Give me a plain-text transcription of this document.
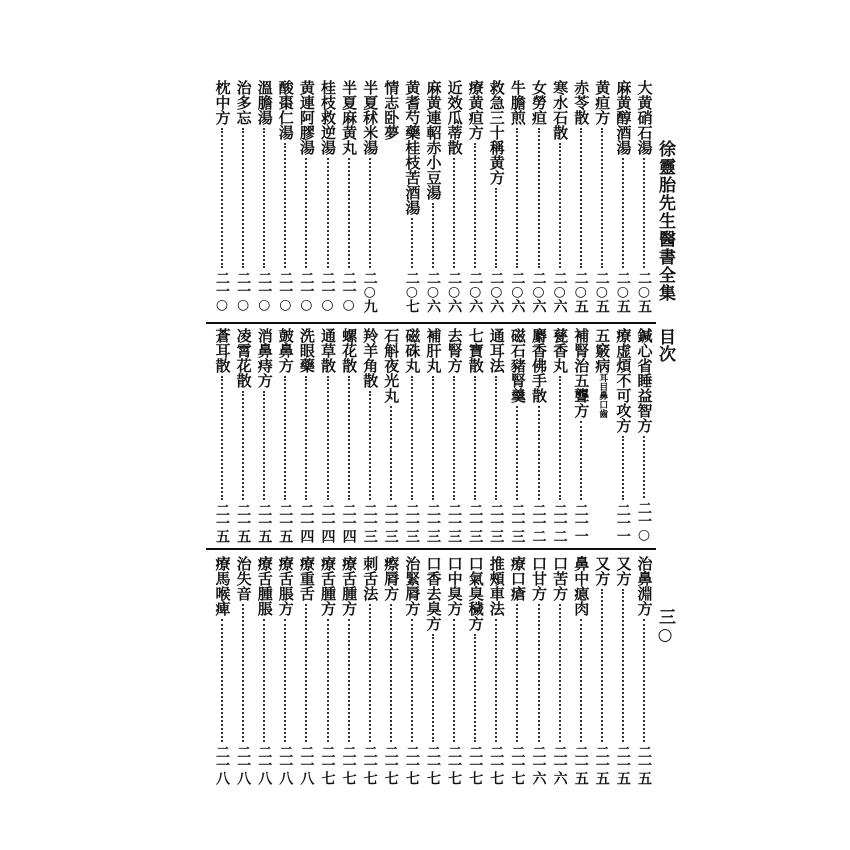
徐靈胎先生醫書全集
目次
三○
大黄硝石湯
二○五
麻黄醇酒湯
二○五
黄疸方
二○五
赤苓散
二○五
寒水石散
二○六
女勞疸
二○六
牛膽煎
二○六
救急三十稱黄方
二○六
療黄疸方
二○六
近效瓜蒂散
二○六
麻黄連軺赤小豆湯
二○六
黄耆芍藥桂枝苦酒湯
二○七
情志卧夢
半夏秫米湯
二○九
半夏麻黄丸
二一○
桂枝救逆湯
二一○
黄連阿膠湯
二一○
酸棗仁湯
二一○
溫膽湯
二一○
治多忘
二一○
枕中方
二一○
鍼心省睡益智方
二一○
療虚煩不可攻方
二一一
五竅病
耳目鼻口齒
補腎治五聾方
二一一
甆香丸
二一二
麝香佛手散
二一二
磁石豬腎羹
二一三
通耳法
二一三
七寶散
二一三
去腎方
二一三
補肝丸
二一三
磁硃丸
二一三
石斛夜光丸
二一三
羚羊角散
二一三
螺花散
二一四
通草散
二一四
洗眼藥
二一四
皷鼻方
二一五
消鼻痔方
二一五
凌霄花散
二一五
蒼耳散
二一五
治鼻淵方
二一五
又方
二一五
又方
二一五
鼻中瘜肉
二一五
口苦方
二一六
口甘方
二一六
療口瘡
二一七
推頰車法
二一七
口氣臭穢方
二一七
口中臭方
二一七
口香去臭方
二一七
治緊脣方
二一七
瘵脣方
二一七
刺舌法
二一七
療舌腫方
二一七
療舌腫方
二一七
療重舌
二一八
療舌脹方
二一八
療舌腫脹
二一八
治失音
二一八
療馬喉痺
二一八
